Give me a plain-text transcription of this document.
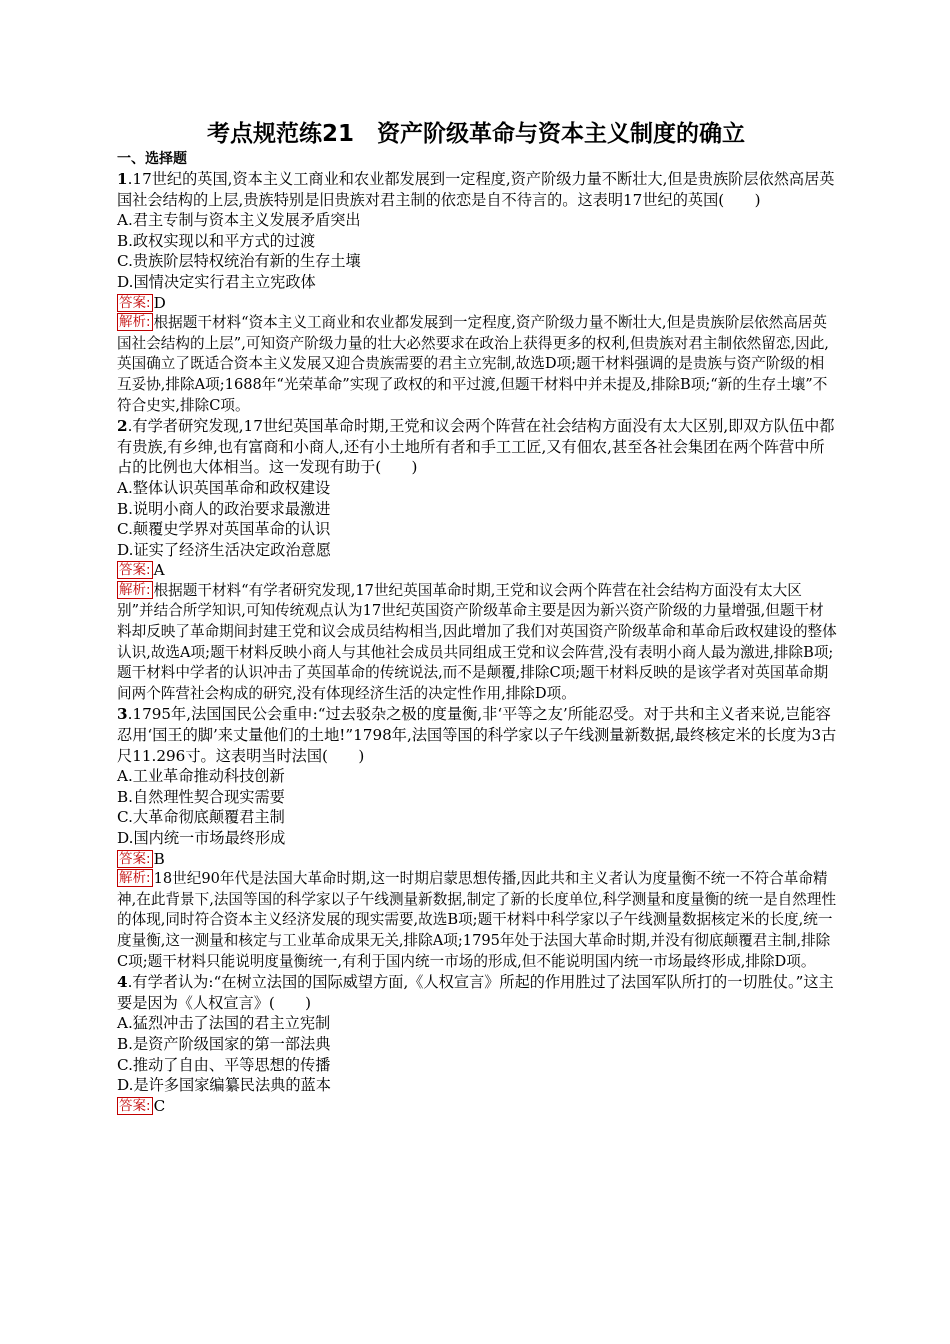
考点规范练21　资产阶级革命与资本主义制度的确立
一、选择题
1.17世纪的英国,资本主义工商业和农业都发展到一定程度,资产阶级力量不断壮大,但是贵族阶层依然高居英国社会结构的上层,贵族特别是旧贵族对君主制的依恋是自不待言的。这表明17世纪的英国(　　)
A.君主专制与资本主义发展矛盾突出
B.政权实现以和平方式的过渡
C.贵族阶层特权统治有新的生存土壤
D.国情决定实行君主立宪政体
答案: D
解析: 根据题干材料“资本主义工商业和农业都发展到一定程度,资产阶级力量不断壮大,但是贵族阶层依然高居英国社会结构的上层”,可知资产阶级力量的壮大必然要求在政治上获得更多的权利,但贵族对君主制依然留恋,因此,英国确立了既适合资本主义发展又迎合贵族需要的君主立宪制,故选D项;题干材料强调的是贵族与资产阶级的相互妥协,排除A项;1688年“光荣革命”实现了政权的和平过渡,但题干材料中并未提及,排除B项;“新的生存土壤”不符合史实,排除C项。
2.有学者研究发现,17世纪英国革命时期,王党和议会两个阵营在社会结构方面没有太大区别,即双方队伍中都有贵族,有乡绅,也有富商和小商人,还有小土地所有者和手工工匠,又有佃农,甚至各社会集团在两个阵营中所占的比例也大体相当。这一发现有助于(　　)
A.整体认识英国革命和政权建设
B.说明小商人的政治要求最激进
C.颠覆史学界对英国革命的认识
D.证实了经济生活决定政治意愿
答案: A
解析: 根据题干材料“有学者研究发现,17世纪英国革命时期,王党和议会两个阵营在社会结构方面没有太大区别”并结合所学知识,可知传统观点认为17世纪英国资产阶级革命主要是因为新兴资产阶级的力量增强,但题干材料却反映了革命期间封建王党和议会成员结构相当,因此增加了我们对英国资产阶级革命和革命后政权建设的整体认识,故选A项;题干材料反映小商人与其他社会成员共同组成王党和议会阵营,没有表明小商人最为激进,排除B项;题干材料中学者的认识冲击了英国革命的传统说法,而不是颠覆,排除C项;题干材料反映的是该学者对英国革命期间两个阵营社会构成的研究,没有体现经济生活的决定性作用,排除D项。
3.1795年,法国国民公会重申:“过去驳杂之极的度量衡,非‘平等之友’所能忍受。对于共和主义者来说,岂能容忍用‘国王的脚’来丈量他们的土地!”1798年,法国等国的科学家以子午线测量新数据,最终核定米的长度为3古尺11.296寸。这表明当时法国(　　)
A.工业革命推动科技创新
B.自然理性契合现实需要
C.大革命彻底颠覆君主制
D.国内统一市场最终形成
答案: B
解析: 18世纪90年代是法国大革命时期,这一时期启蒙思想传播,因此共和主义者认为度量衡不统一不符合革命精神,在此背景下,法国等国的科学家以子午线测量新数据,制定了新的长度单位,科学测量和度量衡的统一是自然理性的体现,同时符合资本主义经济发展的现实需要,故选B项;题干材料中科学家以子午线测量数据核定米的长度,统一度量衡,这一测量和核定与工业革命成果无关,排除A项;1795年处于法国大革命时期,并没有彻底颠覆君主制,排除C项;题干材料只能说明度量衡统一,有利于国内统一市场的形成,但不能说明国内统一市场最终形成,排除D项。
4.有学者认为:“在树立法国的国际威望方面,《人权宣言》所起的作用胜过了法国军队所打的一切胜仗。”这主要是因为《人权宣言》(　　)
A.猛烈冲击了法国的君主立宪制
B.是资产阶级国家的第一部法典
C.推动了自由、平等思想的传播
D.是许多国家编纂民法典的蓝本
答案: C
